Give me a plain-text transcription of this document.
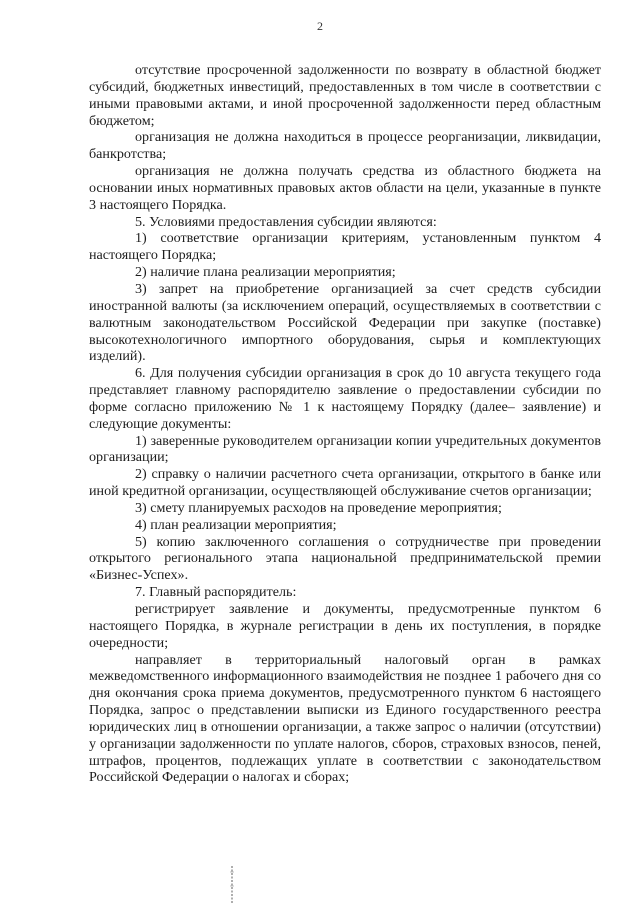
2

отсутствие просроченной задолженности по возврату в областной бюджет субсидий, бюджетных инвестиций, предоставленных в том числе в соответствии с иными правовыми актами, и иной просроченной задолженности перед областным бюджетом;

организация не должна находиться в процессе реорганизации, ликвидации, банкротства;

организация не должна получать средства из областного бюджета на основании иных нормативных правовых актов области на цели, указанные в пункте 3 настоящего Порядка.

5. Условиями предоставления субсидии являются:

1) соответствие организации критериям, установленным пунктом 4 настоящего Порядка;

2) наличие плана реализации мероприятия;

3) запрет на приобретение организацией за счет средств субсидии иностранной валюты (за исключением операций, осуществляемых в соответствии с валютным законодательством Российской Федерации при закупке (поставке) высокотехнологичного импортного оборудования, сырья и комплектующих изделий).

6. Для получения субсидии организация в срок до 10 августа текущего года представляет главному распорядителю заявление о предоставлении субсидии по форме согласно приложению № 1 к настоящему Порядку (далее– заявление) и следующие документы:

1) заверенные руководителем организации копии учредительных документов организации;

2) справку о наличии расчетного счета организации, открытого в банке или иной кредитной организации, осуществляющей обслуживание счетов организации;

3) смету планируемых расходов на проведение мероприятия;

4) план реализации мероприятия;

5) копию заключенного соглашения о сотрудничестве при проведении открытого регионального этапа национальной предпринимательской премии «Бизнес-Успех».

7. Главный распорядитель:

регистрирует заявление и документы, предусмотренные пунктом 6 настоящего Порядка, в журнале регистрации в день их поступления, в порядке очередности;

направляет в территориальный налоговый орган в рамках межведомственного информационного взаимодействия не позднее 1 рабочего дня со дня окончания срока приема документов, предусмотренного пунктом 6 настоящего Порядка, запрос о представлении выписки из Единого государственного реестра юридических лиц в отношении организации, а также запрос о наличии (отсутствии) у организации задолженности по уплате налогов, сборов, страховых взносов, пеней, штрафов, процентов, подлежащих уплате в соответствии с законодательством Российской Федерации о налогах и сборах;
